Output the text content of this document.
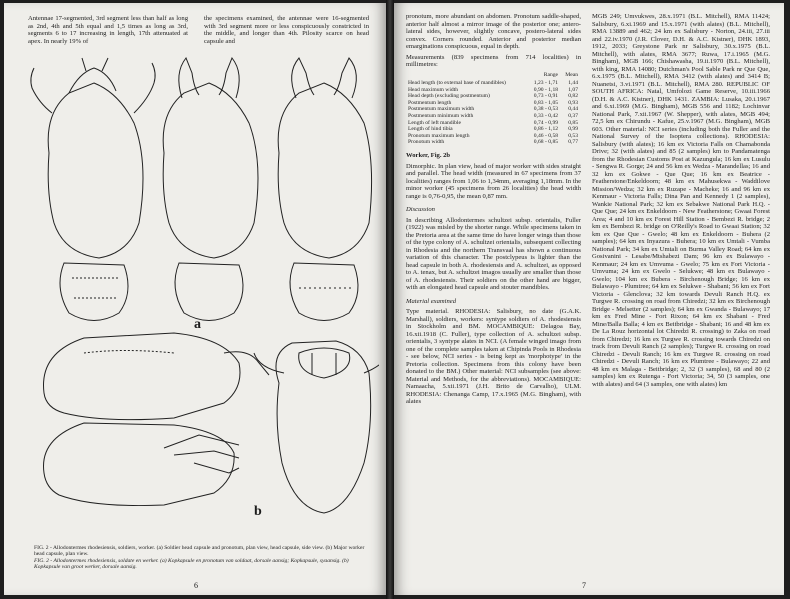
Antennae 17-segmented, 3rd segment less than half as long as 2nd, 4th and 5th equal and 1,5 times as long as 3rd, segments 6 to 17 increasing in length, 17th attenuated at apex. In nearly 19% of
the specimens examined, the antennae were 16-segmented with 3rd segment more or less conspicuously constricted in the middle, and longer than 4th. Pilosity scarce on head capsule and
a
b

FIG. 2 - Allodontermes rhodesiensis, soldiers, worker. (a) Soldier head capsule and pronotum, plan view, head capsule, side view. (b) Major worker head capsule, plan view.

FIG. 2 - Allodontermes rhodesiensis, soldate en werker. (a) Kopkapsule en pronotum van soldaat, dorsale aansig; Kopkapsule, syaansig. (b) Kopkapsule van groot werker, dorsale aansig.

6

pronotum, more abundant on abdomen. Pronotum saddle-shaped, anterior half almost a mirror image of the posterior one; antero-lateral sides, however, slightly concave, postero-lateral sides convex. Corners rounded. Anterior and posterior median emarginations conspicuous, equal in depth.

Measurements (839 specimens from 714 localities) in millimetres:

	Range	Mean
Head length (to external base of mandibles)	1,23 - 1,71	1,44
Head maximum width	0,90 - 1,18	1,07
Head depth (excluding postmentum)	0,73 - 0,91	0,82
Postmentum length	0,83 - 1,05	0,93
Postmentum maximum width	0,38 - 0,53	0,44
Postmentum minimum width	0,33 - 0,42	0,37
Length of left mandible	0,74 - 0,99	0,85
Length of hind tibia	0,86 - 1,12	0,99
Pronotum maximum length	0,46 - 0,58	0,53
Pronotum width	0,68 - 0,85	0,77

Worker, Fig. 2b

Dimorphic. In plan view, head of major worker with sides straight and parallel. The head width (measured in 67 specimens from 37 localities) ranges from 1,06 to 1,34mm, averaging 1,18mm. In the minor worker (45 specimens from 26 localities) the head width range is 0,76-0,95, the mean 0,87 mm.

Discussion

In describing Allodontermes schultzei subsp. orientalis, Fuller (1922) was misled by the shorter range. While specimens taken in the Pretoria area at the same time do have longer wings than those of the type colony of A. schultzei orientalis, subsequent collecting in Rhodesia and the northern Transvaal has shown a continuous variation of this character. The postclypeus is lighter than the head capsule in both A. rhodesiensis and A. schultzei, as opposed to A. tenax, but A. schultzei imagos usually are smaller than those of A. rhodesiensis. Their soldiers on the other hand are bigger, with an elongated head capsule and stouter mandibles.

Material examined

Type material. RHODESIA: Salisbury, no date (G.A.K. Marshall), soldiers, workers: syntype soldiers of A. rhodesiensis in Stockholm and BM. MOCAMBIQUE: Delagoa Bay, 16.xii.1918 (C. Fuller), type collection of A. schultzei subsp. orientalis, 3 syntype alates in NCI. (A female winged imago from one of the complete samples taken at Chipinda Pools in Rhodesia - see below, NCI series - is being kept as 'morphotype' in the Pretoria collection. Specimens from this colony have been donated to the BM.) Other material: NCI subsamples (see above: Material and Methods, for the abbreviations). MOCAMBIQUE: Namaacha, 5.xii.1971 (J.H. Brito de Carvalho), ULM. RHODESIA: Chenanga Camp, 17.x.1965 (M.G. Bingham), with alates

MGB 249; Umvukwes, 28.x.1971 (B.L. Mitchell), RMA 11424; Salisbury, 6.xi.1969 and 15.x.1971 (with alates) (B.L. Mitchell), RMA 13889 and 462; 24 km ex Salisbury - Norton, 24.iii, 27.iii and 22.iv.1970 (J.R. Clover, D.H. & A.C. Kistner), DHK 1893, 1912, 2033; Greystone Park nr Salisbury, 30.x.1975 (B.L. Mitchell), with alates, RMA 3677; Ruwa, 17.i.1965 (M.G. Bingham), MGB 166; Chishawasha, 19.ii.1970 (B.L. Mitchell), with king, RMA 14080; Dutchman's Pool Sable Park nr Que Que, 6.x.1975 (B.L. Mitchell), RMA 3412 (with alates) and 3414 B; Nuanetsi, 3.vi.1971 (B.L. Mitchell), RMA 280. REPUBLIC OF SOUTH AFRICA: Natal, Umfolozi Game Reserve, 10.iii.1966 (D.H. & A.C. Kistner), DHK 1431. ZAMBIA: Lusaka, 20.i.1967 and 6.xi.1969 (M.G. Bingham), MGB 556 and 1182; Lochinvar National Park, 7.xii.1967 (W. Shepper), with alates, MGB 494; 72,5 km ex Chirundu - Kafue, 25.v.1967 (M.G. Bingham), MGB 603. Other material: NCI series (including both the Fuller and the National Survey of the Isoptera collections). RHODESIA: Salisbury (with alates); 16 km ex Victoria Falls on Chamabonda Drive; 32 (with alates) and 85 (2 samples) km to Pandamatenga from the Rhodesian Customs Post at Kazungula; 16 km ex Lusulu - Sengwa R. Gorge; 24 and 56 km ex Wedza - Marandellas; 16 and 32 km ex Gokwe - Que Que; 16 km ex Beatrice - Featherstone/Enkeldoorn; 48 km ex Mahusekwa - Waddilove Mission/Wedza; 32 km ex Ruzape - Macheke; 16 and 96 km ex Kenmaur - Victoria Falls; Dina Pan and Kennedy 1 (2 samples), Wankie National Park; 32 km ex Sebakwe National Park H.Q. - Que Que; 24 km ex Enkeldoorn - New Featherstone; Gwaai Forest Area; 4 and 10 km ex Forest Hill Station - Bembezi R. bridge; 2 km ex Bembezi R. bridge on O'Reilly's Road to Gwaai Station; 32 km ex Que Que - Gwelo; 48 km ex Enkeldoorn - Buhera (2 samples); 64 km ex Inyazura - Buhera; 10 km ex Umtali - Vumba National Park; 34 km ex Umtali on Burma Valley Road; 64 km ex Gosivanini - Lesabe/Mtshabezi Dam; 96 km ex Bulawayo - Kenmaur; 24 km ex Umvuma - Gwelo; 75 km ex Fort Victoria - Umvuma; 24 km ex Gwelo - Selukwe; 48 km ex Bulawayo - Gwelo; 104 km ex Bubera - Birchenough Bridge; 16 km ex Bulawayo - Plumtree; 64 km ex Selukwe - Shabani; 56 km ex Fort Victoria - Glenclova; 32 km towards Devuli Ranch H.Q. ex Turgwe R. crossing on road from Chiredzi; 32 km ex Birchenough Bridge - Melsetter (2 samples); 64 km ex Gwanda - Bulawayo; 17 km ex Fred Mine - Fort Rixon; 64 km ex Shabani - Fred Mine/Balla Balla; 4 km ex Beitbridge - Shabani; 16 and 48 km ex De La Rouz horizontal lot Chiredzi R. crossing) to Zaka on road from Chiredzi; 16 km ex Turgwe R. crossing towards Chiredzi on track from Devuli Ranch (2 samples); Turgwe R. crossing on road Chiredzi - Devuli Ranch; 16 km ex Turgwe R. crossing on road Chiredzi - Devuli Ranch; 16 km ex Plumtree - Bulawayo; 22 and 48 km ex Malaga - Beitbridge; 2, 32 (3 samples), 68 and 80 (2 samples) km ex Rutenga - Fort Victoria; 34, 50 (3 samples, one with alates) and 64 (3 samples, one with alates) km
7
